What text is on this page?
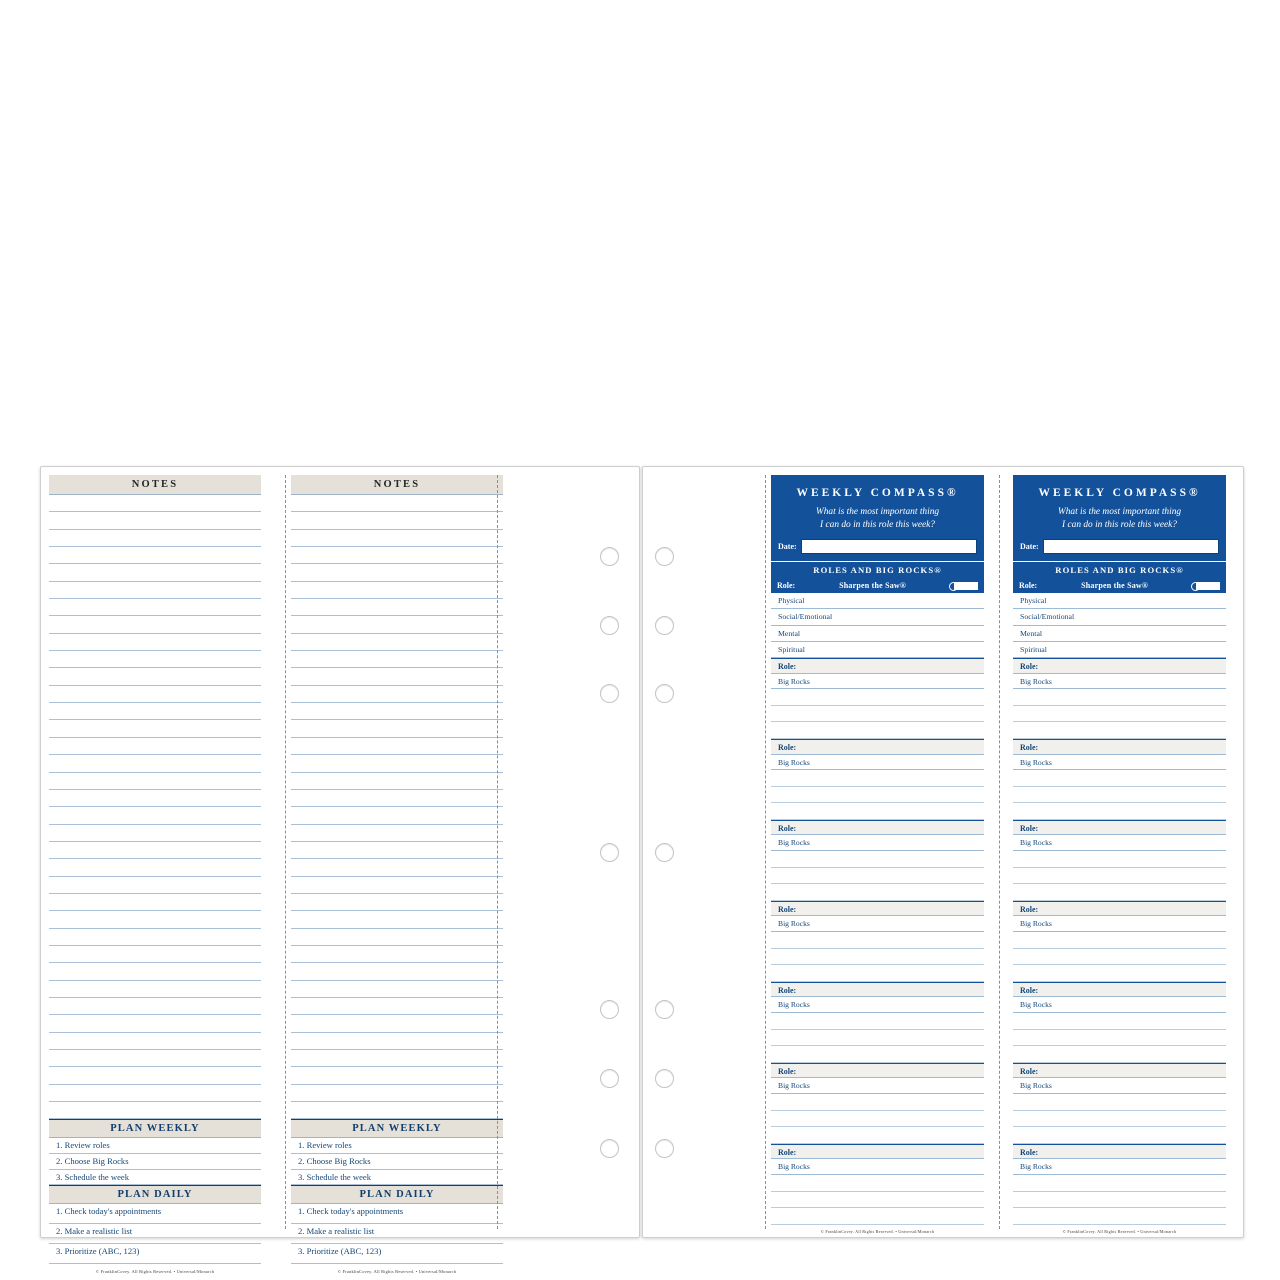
NOTES
PLAN WEEKLY
1. Review roles
2. Choose Big Rocks
3. Schedule the week
PLAN DAILY
1. Check today's appointments
2. Make a realistic list
3. Prioritize (ABC, 123)
© FranklinCovey. All Rights Reserved. • Universal/Monarch
NOTES
PLAN WEEKLY
1. Review roles
2. Choose Big Rocks
3. Schedule the week
PLAN DAILY
1. Check today's appointments
2. Make a realistic list
3. Prioritize (ABC, 123)
© FranklinCovey. All Rights Reserved. • Universal/Monarch
WEEKLY COMPASS®
What is the most important thing
I can do in this role this week?
Date:
ROLES AND BIG ROCKS®
Role:	Sharpen the Saw®
Physical
Social/Emotional
Mental
Spiritual
Role:
Big Rocks
Role:
Big Rocks
Role:
Big Rocks
Role:
Big Rocks
Role:
Big Rocks
Role:
Big Rocks
Role:
Big Rocks
© FranklinCovey. All Rights Reserved. • Universal/Monarch
WEEKLY COMPASS®
What is the most important thing
I can do in this role this week?
Date:
ROLES AND BIG ROCKS®
Role:	Sharpen the Saw®
Physical
Social/Emotional
Mental
Spiritual
Role:
Big Rocks
Role:
Big Rocks
Role:
Big Rocks
Role:
Big Rocks
Role:
Big Rocks
Role:
Big Rocks
Role:
Big Rocks
© FranklinCovey. All Rights Reserved. • Universal/Monarch
